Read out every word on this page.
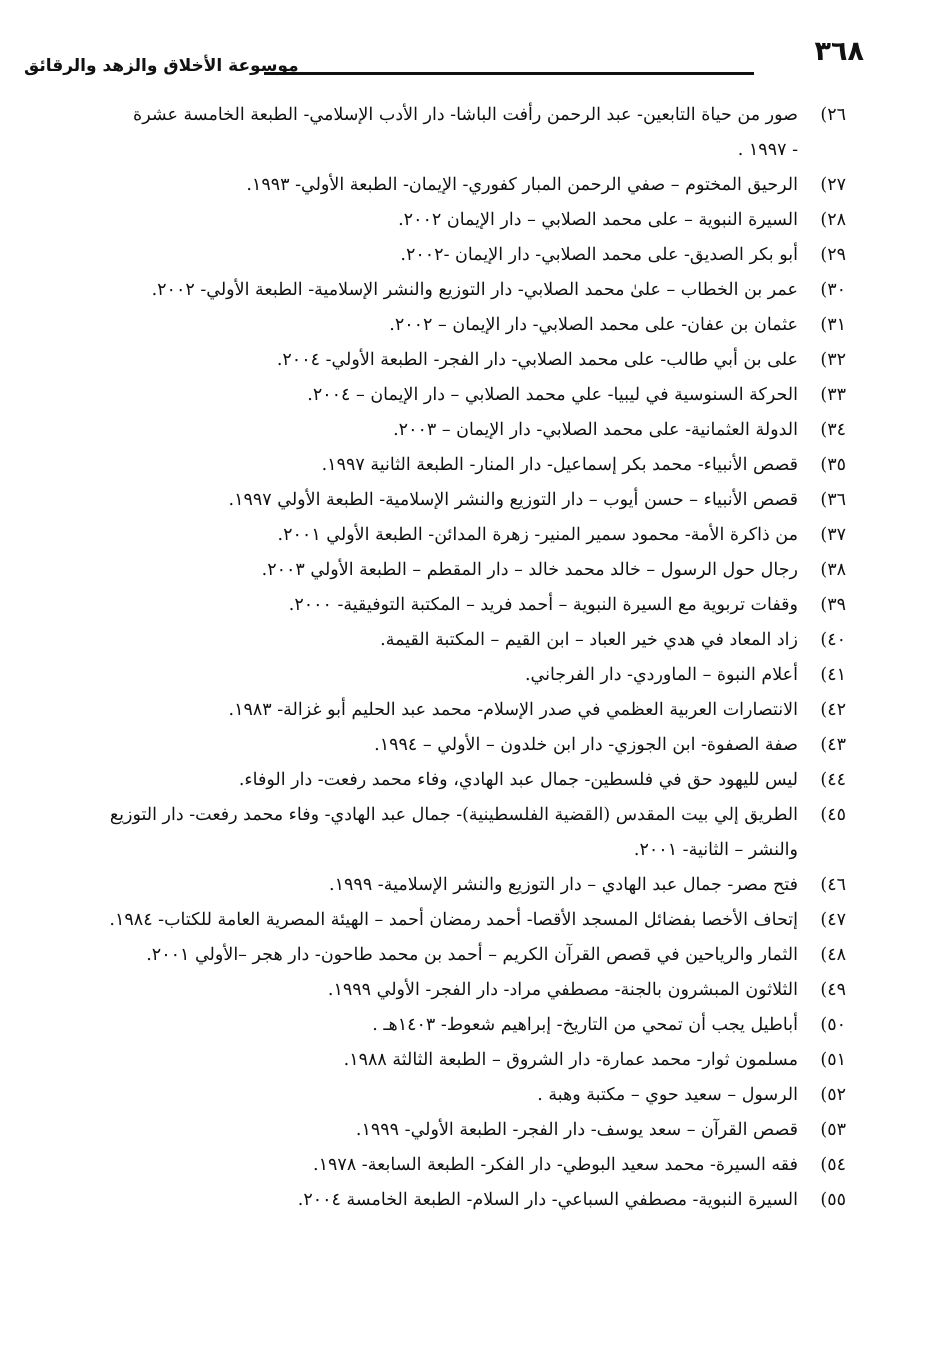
٣٦٨
موسوعة الأخلاق والزهد والرقائق
٢٦)
صور من حياة التابعين- عبد الرحمن رأفت الباشا- دار الأدب الإسلامي- الطبعة الخامسة عشرة
- ١٩٩٧ .
٢٧)
الرحيق المختوم – صفي الرحمن المبار كفوري- الإيمان- الطبعة الأولي- ١٩٩٣.
٢٨)
السيرة النبوية – على محمد الصلابي – دار الإيمان ٢٠٠٢.
٢٩)
أبو بكر الصديق- على محمد الصلابي- دار الإيمان -٢٠٠٢.
٣٠)
عمر بن الخطاب – علىٰ محمد الصلابي- دار التوزيع والنشر الإسلامية- الطبعة الأولي- ٢٠٠٢.
٣١)
عثمان بن عفان- على محمد الصلابي- دار الإيمان – ٢٠٠٢.
٣٢)
على بن أبي طالب- على محمد الصلابي- دار الفجر- الطبعة الأولي- ٢٠٠٤.
٣٣)
الحركة السنوسية في ليبيا- علي محمد الصلابي – دار الإيمان – ٢٠٠٤.
٣٤)
الدولة العثمانية- على محمد الصلابي- دار الإيمان – ٢٠٠٣.
٣٥)
قصص الأنبياء- محمد بكر إسماعيل- دار المنار- الطبعة الثانية ١٩٩٧.
٣٦)
قصص الأنبياء – حسن أيوب – دار التوزيع والنشر الإسلامية- الطبعة الأولي ١٩٩٧.
٣٧)
من ذاكرة الأمة- محمود سمير المنير- زهرة المدائن- الطبعة الأولي ٢٠٠١.
٣٨)
رجال حول الرسول – خالد محمد خالد – دار المقطم – الطبعة الأولي ٢٠٠٣.
٣٩)
وقفات تربوية مع السيرة النبوية – أحمد فريد – المكتبة التوفيقية- ٢٠٠٠.
٤٠)
زاد المعاد في هدي خير العباد – ابن القيم – المكتبة القيمة.
٤١)
أعلام النبوة – الماوردي- دار الفرجاني.
٤٢)
الانتصارات العربية العظمي في صدر الإسلام- محمد عبد الحليم أبو غزالة- ١٩٨٣.
٤٣)
صفة الصفوة- ابن الجوزي- دار ابن خلدون – الأولي – ١٩٩٤.
٤٤)
ليس لليهود حق في فلسطين- جمال عبد الهادي، وفاء محمد رفعت- دار الوفاء.
٤٥)
الطريق إلي بيت المقدس (القضية الفلسطينية)- جمال عبد الهادي- وفاء محمد رفعت- دار التوزيع
والنشر – الثانية- ٢٠٠١.
٤٦)
فتح مصر- جمال عبد الهادي – دار التوزيع والنشر الإسلامية- ١٩٩٩.
٤٧)
إتحاف الأخصا بفضائل المسجد الأقصا- أحمد رمضان أحمد – الهيئة المصرية العامة للكتاب- ١٩٨٤.
٤٨)
الثمار والرياحين في قصص القرآن الكريم – أحمد بن محمد طاحون- دار هجر –الأولي ٢٠٠١.
٤٩)
الثلاثون المبشرون بالجنة- مصطفي مراد- دار الفجر- الأولي ١٩٩٩.
٥٠)
أباطيل يجب أن تمحي من التاريخ- إبراهيم شعوط- ١٤٠٣هـ .
٥١)
مسلمون ثوار- محمد عمارة- دار الشروق – الطبعة الثالثة ١٩٨٨.
٥٢)
الرسول – سعيد حوي – مكتبة وهبة .
٥٣)
قصص القرآن – سعد يوسف- دار الفجر- الطبعة الأولي- ١٩٩٩.
٥٤)
فقه السيرة- محمد سعيد البوطي- دار الفكر- الطبعة السابعة- ١٩٧٨.
٥٥)
السيرة النبوية- مصطفي السباعي- دار السلام- الطبعة الخامسة ٢٠٠٤.
